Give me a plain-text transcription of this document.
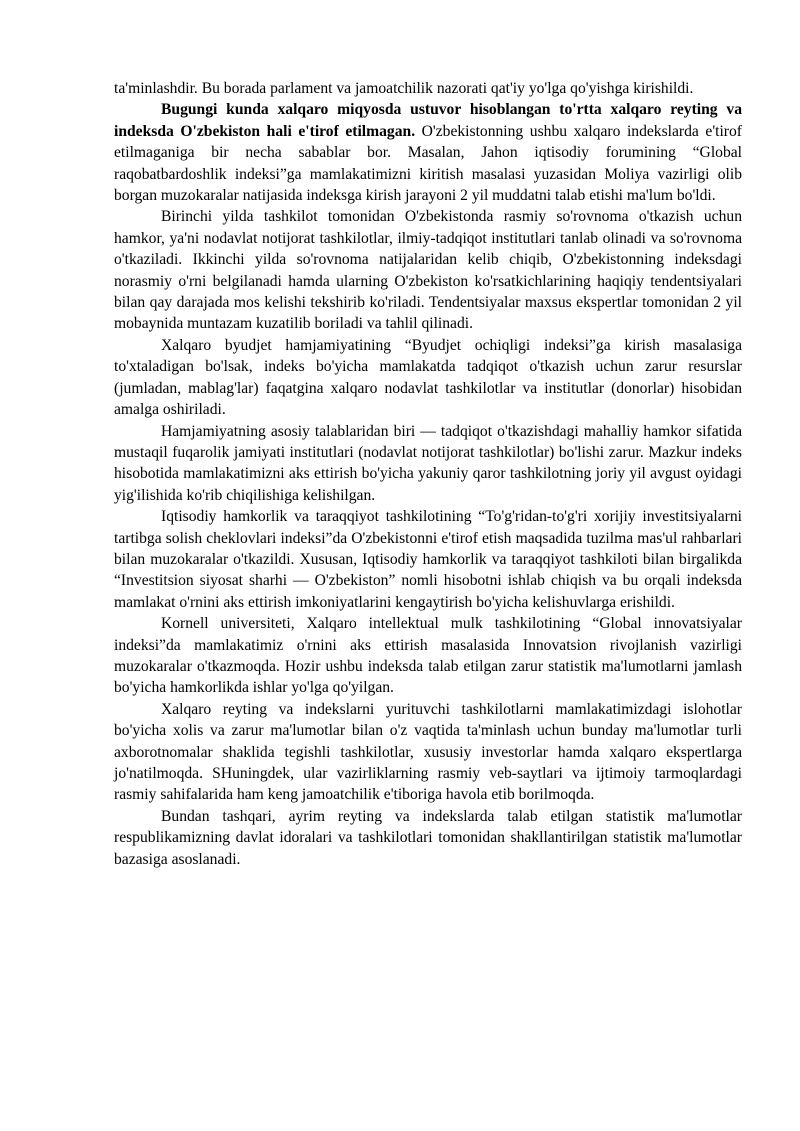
ta'minlashdir. Bu borada parlament va jamoatchilik nazorati qat'iy yo'lga qo'yishga kirishildi.

Bugungi kunda xalqaro miqyosda ustuvor hisoblangan to'rtta xalqaro reyting va indeksda O'zbekiston hali e'tirof etilmagan. O'zbekistonning ushbu xalqaro indekslarda e'tirof etilmaganiga bir necha sabablar bor. Masalan, Jahon iqtisodiy forumining “Global raqobatbardoshlik indeksi”ga mamlakatimizni kiritish masalasi yuzasidan Moliya vazirligi olib borgan muzokaralar natijasida indeksga kirish jarayoni 2 yil muddatni talab etishi ma'lum bo'ldi.

Birinchi yilda tashkilot tomonidan O'zbekistonda rasmiy so'rovnoma o'tkazish uchun hamkor, ya'ni nodavlat notijorat tashkilotlar, ilmiy-tadqiqot institutlari tanlab olinadi va so'rovnoma o'tkaziladi. Ikkinchi yilda so'rovnoma natijalaridan kelib chiqib, O'zbekistonning indeksdagi norasmiy o'rni belgilanadi hamda ularning O'zbekiston ko'rsatkichlarining haqiqiy tendentsiyalari bilan qay darajada mos kelishi tekshirib ko'riladi. Tendentsiyalar maxsus ekspertlar tomonidan 2 yil mobaynida muntazam kuzatilib boriladi va tahlil qilinadi.

Xalqaro byudjet hamjamiyatining “Byudjet ochiqligi indeksi”ga kirish masalasiga to'xtaladigan bo'lsak, indeks bo'yicha mamlakatda tadqiqot o'tkazish uchun zarur resurslar (jumladan, mablag'lar) faqatgina xalqaro nodavlat tashkilotlar va institutlar (donorlar) hisobidan amalga oshiriladi.

Hamjamiyatning asosiy talablaridan biri — tadqiqot o'tkazishdagi mahalliy hamkor sifatida mustaqil fuqarolik jamiyati institutlari (nodavlat notijorat tashkilotlar) bo'lishi zarur. Mazkur indeks hisobotida mamlakatimizni aks ettirish bo'yicha yakuniy qaror tashkilotning joriy yil avgust oyidagi yig'ilishida ko'rib chiqilishiga kelishilgan.

Iqtisodiy hamkorlik va taraqqiyot tashkilotining “To'g'ridan-to'g'ri xorijiy investitsiyalarni tartibga solish cheklovlari indeksi”da O'zbekistonni e'tirof etish maqsadida tuzilma mas'ul rahbarlari bilan muzokaralar o'tkazildi. Xususan, Iqtisodiy hamkorlik va taraqqiyot tashkiloti bilan birgalikda “Investitsion siyosat sharhi — O'zbekiston” nomli hisobotni ishlab chiqish va bu orqali indeksda mamlakat o'rnini aks ettirish imkoniyatlarini kengaytirish bo'yicha kelishuvlarga erishildi.

Kornell universiteti, Xalqaro intellektual mulk tashkilotining “Global innovatsiyalar indeksi”da mamlakatimiz o'rnini aks ettirish masalasida Innovatsion rivojlanish vazirligi muzokaralar o'tkazmoqda. Hozir ushbu indeksda talab etilgan zarur statistik ma'lumotlarni jamlash bo'yicha hamkorlikda ishlar yo'lga qo'yilgan.

Xalqaro reyting va indekslarni yurituvchi tashkilotlarni mamlakatimizdagi islohotlar bo'yicha xolis va zarur ma'lumotlar bilan o'z vaqtida ta'minlash uchun bunday ma'lumotlar turli axborotnomalar shaklida tegishli tashkilotlar, xususiy investorlar hamda xalqaro ekspertlarga jo'natilmoqda. SHuningdek, ular vazirliklarning rasmiy veb-saytlari va ijtimoiy tarmoqlardagi rasmiy sahifalarida ham keng jamoatchilik e'tiboriga havola etib borilmoqda.

Bundan tashqari, ayrim reyting va indekslarda talab etilgan statistik ma'lumotlar respublikamizning davlat idoralari va tashkilotlari tomonidan shakllantirilgan statistik ma'lumotlar bazasiga asoslanadi.
